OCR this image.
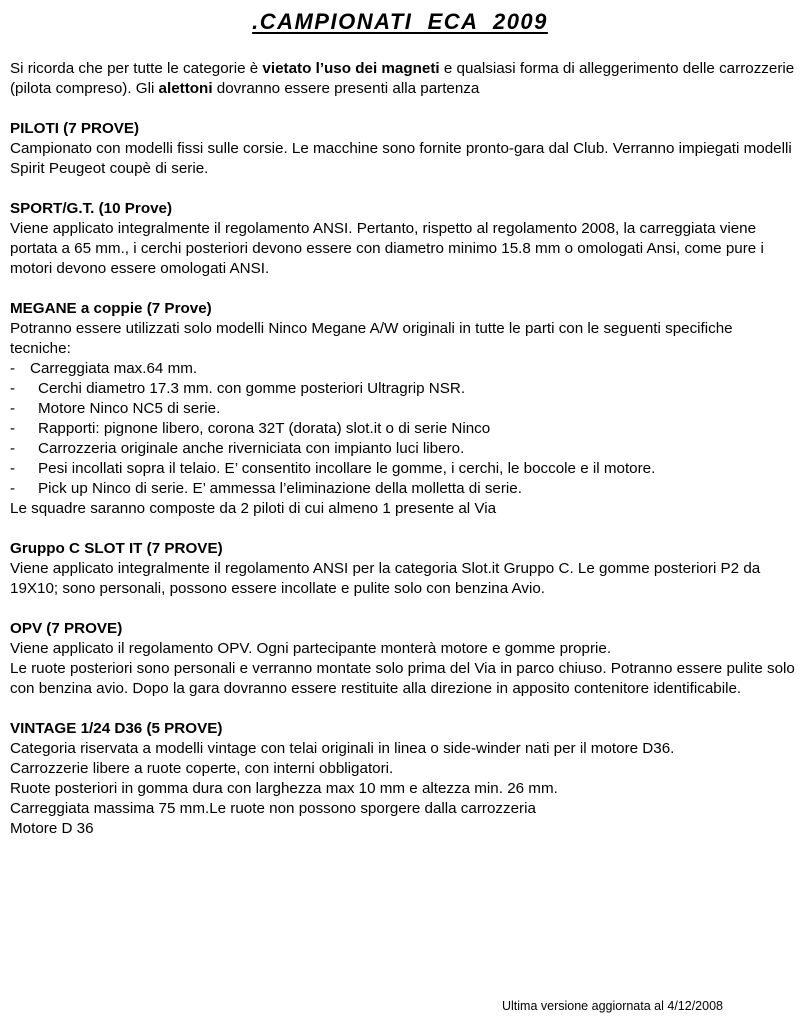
.CAMPIONATI  ECA  2009

Si ricorda che per tutte le categorie è vietato l’uso dei magneti e qualsiasi forma di alleggerimento delle carrozzerie (pilota compreso). Gli alettoni dovranno essere presenti alla partenza

PILOTI (7 PROVE)

Campionato con modelli fissi sulle corsie. Le macchine sono fornite pronto-gara dal Club. Verranno impiegati modelli Spirit Peugeot coupè di serie.

SPORT/G.T. (10 Prove)

Viene applicato integralmente il regolamento ANSI. Pertanto, rispetto al regolamento 2008, la carreggiata viene portata a 65 mm., i cerchi posteriori devono essere con diametro minimo 15.8 mm o omologati Ansi, come pure i motori devono essere omologati ANSI.

MEGANE a coppie (7 Prove)

Potranno essere utilizzati solo modelli Ninco Megane A/W originali in tutte le parti con le seguenti specifiche tecniche:

- Carreggiata max.64 mm.
- Cerchi diametro 17.3 mm. con gomme posteriori Ultragrip NSR.
- Motore Ninco NC5 di serie.
- Rapporti: pignone libero, corona 32T (dorata) slot.it o di serie Ninco
- Carrozzeria originale anche riverniciata con impianto luci libero.
- Pesi incollati sopra il telaio. E’ consentito incollare le gomme, i cerchi, le boccole e il motore.
- Pick up Ninco di serie. E’ ammessa l’eliminazione della molletta di serie.

Le squadre saranno composte da 2 piloti di cui almeno 1 presente al Via

Gruppo C SLOT IT (7 PROVE)

Viene applicato integralmente il regolamento ANSI per la categoria Slot.it Gruppo C. Le gomme posteriori P2 da 19X10; sono personali, possono essere incollate e pulite solo con benzina Avio.

OPV (7 PROVE)

Viene applicato il regolamento OPV. Ogni partecipante monterà motore e gomme proprie.

Le ruote posteriori sono personali e verranno montate solo prima del Via in parco chiuso. Potranno essere pulite solo con benzina avio. Dopo la gara dovranno essere restituite alla direzione in apposito contenitore identificabile.

VINTAGE 1/24 D36 (5 PROVE)

Categoria riservata a modelli vintage con telai originali in linea o side-winder nati per il motore D36.

Carrozzerie libere a ruote coperte, con interni obbligatori.

Ruote posteriori in gomma dura con larghezza max 10 mm e altezza min. 26 mm.

Carreggiata massima 75 mm.Le ruote non possono sporgere dalla carrozzeria

Motore D 36

Ultima versione aggiornata al 4/12/2008
